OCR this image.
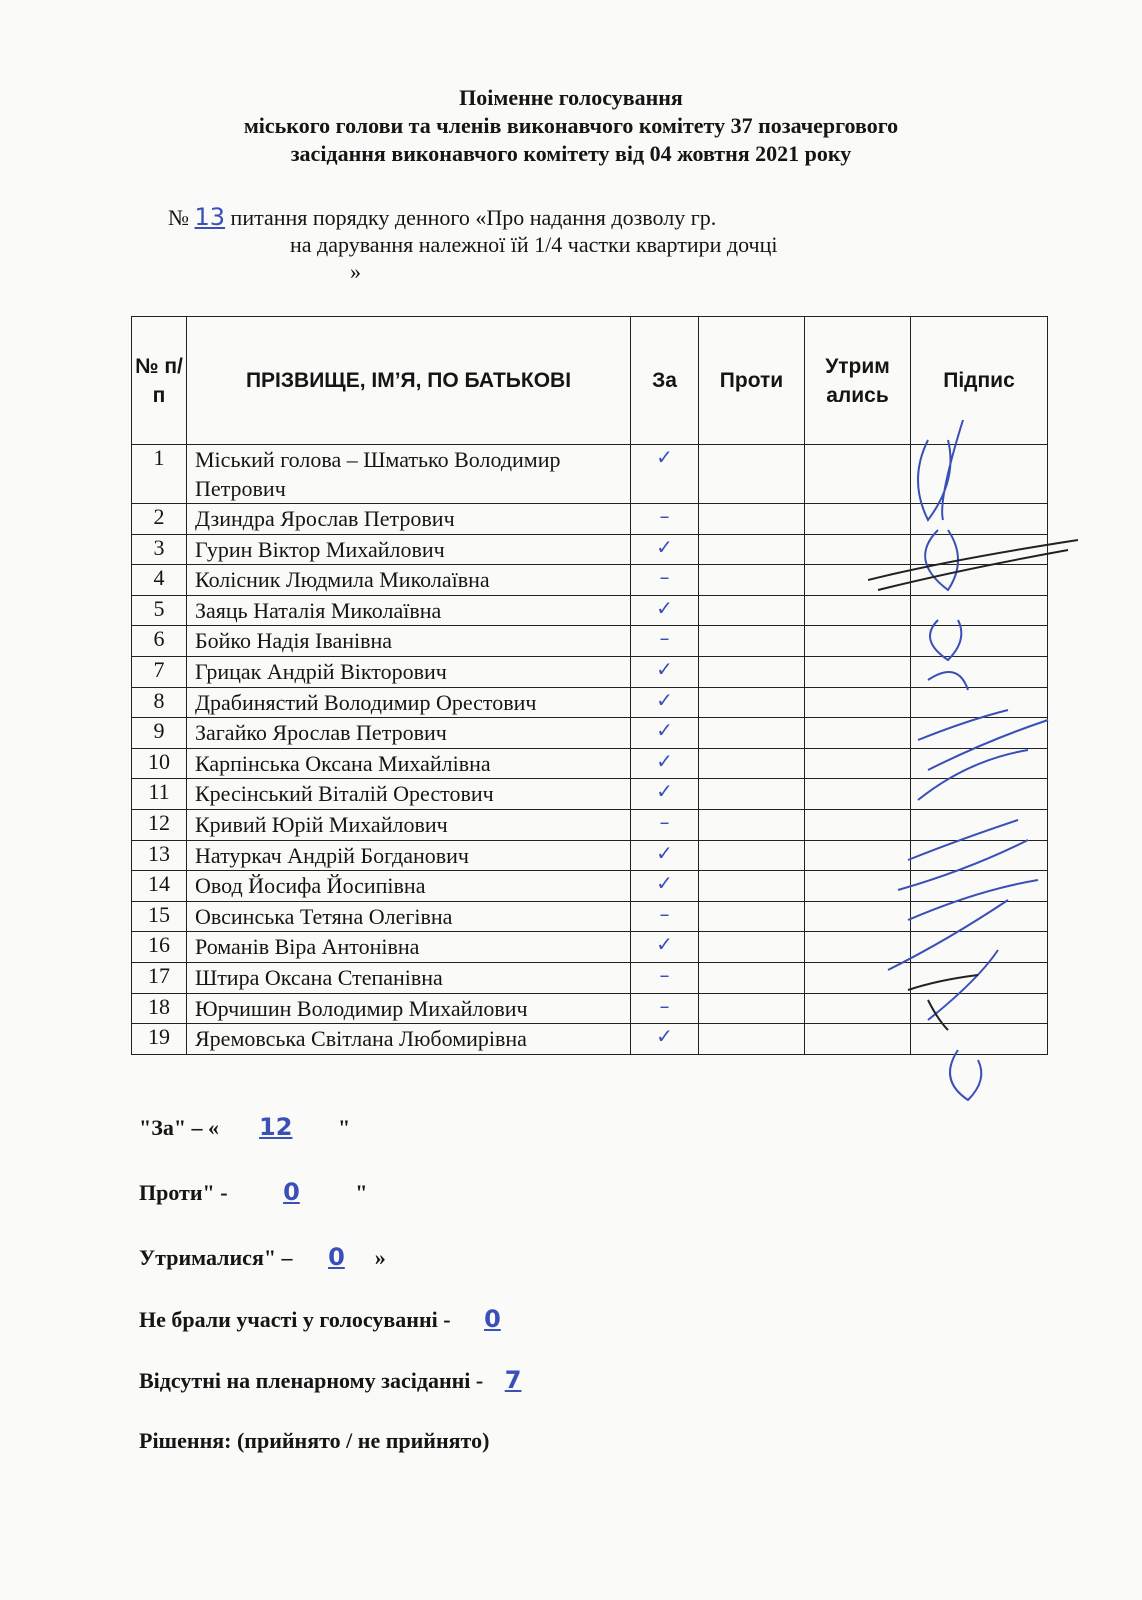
Поіменне голосування
міського голови та членів виконавчого комітету 37 позачергового
засідання виконавчого комітету від 04 жовтня 2021 року
№ 13 питання порядку денного «Про надання дозволу гр.
на дарування належної їй 1/4 частки квартири дочці
»
№ п/п	ПРІЗВИЩЕ, ІМ’Я, ПО БАТЬКОВІ	За	Проти	Утрим ались	Підпис
1	Міський голова – Шматько Володимир Петрович	✓			
2	Дзиндра Ярослав Петрович	–			
3	Гурин Віктор Михайлович	✓			
4	Колісник Людмила Миколаївна	–			
5	Заяць Наталія Миколаївна	✓			
6	Бойко Надія Іванівна	–			
7	Грицак Андрій Вікторович	✓			
8	Драбинястий Володимир Орестович	✓			
9	Загайко Ярослав Петрович	✓			
10	Карпінська Оксана Михайлівна	✓			
11	Кресінський Віталій Орестович	✓			
12	Кривий Юрій Михайлович	–			
13	Натуркач Андрій Богданович	✓			
14	Овод Йосифа Йосипівна	✓			
15	Овсинська Тетяна Олегівна	–			
16	Романів Віра Антонівна	✓			
17	Штира Оксана Степанівна	–			
18	Юрчишин Володимир Михайлович	–			
19	Яремовська Світлана Любомирівна	✓			
"За" – « 12 "
Проти" - 0	"
Утрималися" – 0 »
Не брали участі у голосуванні - 0
Відсутні на пленарному засіданні - 7
Рішення: (прийнято / не прийнято)
